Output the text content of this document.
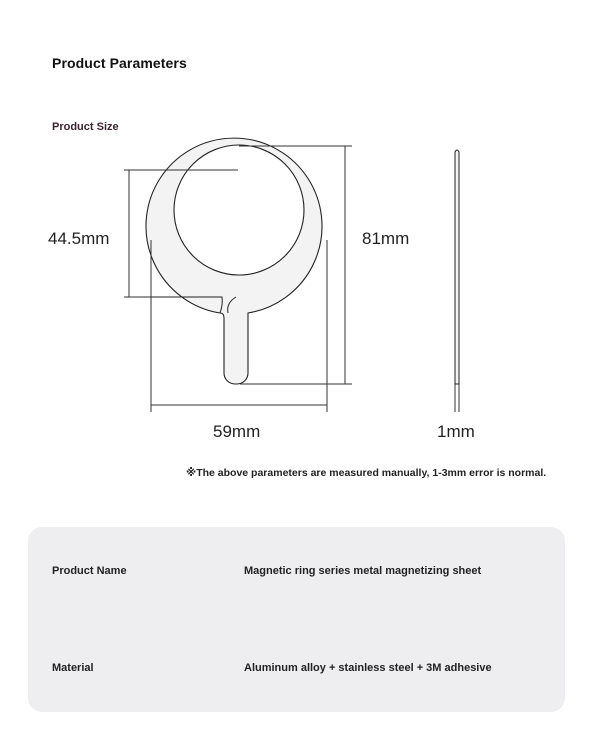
Product Parameters
Product Size
44.5mm	81mm
59mm	1mm
※The above parameters are measured manually, 1-3mm error is normal.
Product Name	Magnetic ring series metal magnetizing sheet
Material	Aluminum alloy + stainless steel + 3M adhesive
